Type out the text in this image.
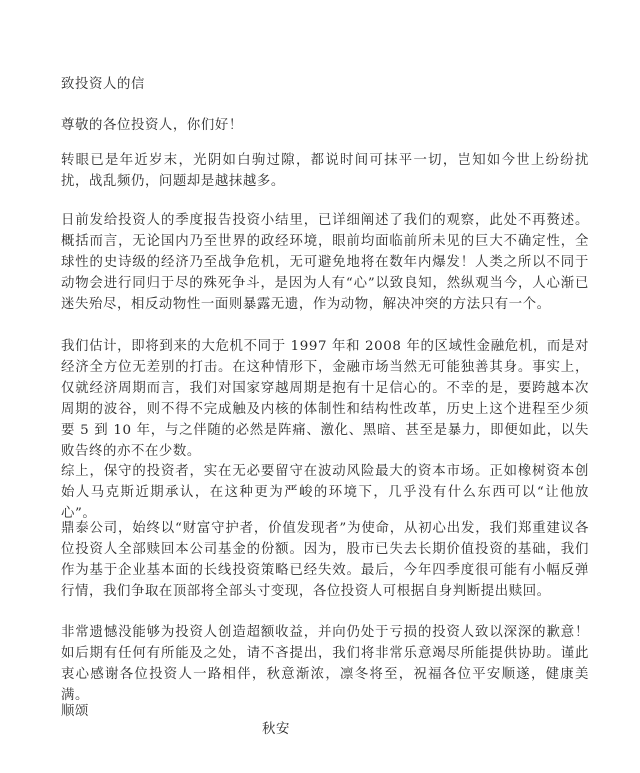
致投资人的信
尊敬的各位投资人，你们好！

转眼已是年近岁末，光阴如白驹过隙，都说时间可抹平一切，岂知如今世上纷纷扰扰，战乱频仍，问题却是越抹越多。

日前发给投资人的季度报告投资小结里，已详细阐述了我们的观察，此处不再赘述。概括而言，无论国内乃至世界的政经环境，眼前均面临前所未见的巨大不确定性，全球性的史诗级的经济乃至战争危机，无可避免地将在数年内爆发！人类之所以不同于动物会进行同归于尽的殊死争斗，是因为人有“心”以致良知，然纵观当今，人心渐已迷失殆尽，相反动物性一面则暴露无遗，作为动物，解决冲突的方法只有一个。

我们估计，即将到来的大危机不同于 1997 年和 2008 年的区域性金融危机，而是对经济全方位无差别的打击。在这种情形下，金融市场当然无可能独善其身。事实上，仅就经济周期而言，我们对国家穿越周期是抱有十足信心的。不幸的是，要跨越本次周期的波谷，则不得不完成触及内核的体制性和结构性改革，历史上这个进程至少须要 5 到 10 年，与之伴随的必然是阵痛、激化、黑暗、甚至是暴力，即便如此，以失败告终的亦不在少数。

综上，保守的投资者，实在无必要留守在波动风险最大的资本市场。正如橡树资本创始人马克斯近期承认，在这种更为严峻的环境下，几乎没有什么东西可以“让他放心”。

鼎泰公司，始终以“财富守护者，价值发现者”为使命，从初心出发，我们郑重建议各位投资人全部赎回本公司基金的份额。因为，股市已失去长期价值投资的基础，我们作为基于企业基本面的长线投资策略已经失效。最后，今年四季度很可能有小幅反弹行情，我们争取在顶部将全部头寸变现，各位投资人可根据自身判断提出赎回。

非常遗憾没能够为投资人创造超额收益，并向仍处于亏损的投资人致以深深的歉意！如后期有任何有所能及之处，请不吝提出，我们将非常乐意竭尽所能提供协助。谨此衷心感谢各位投资人一路相伴，秋意渐浓，凛冬将至，祝福各位平安顺遂，健康美满。

顺颂
秋安
